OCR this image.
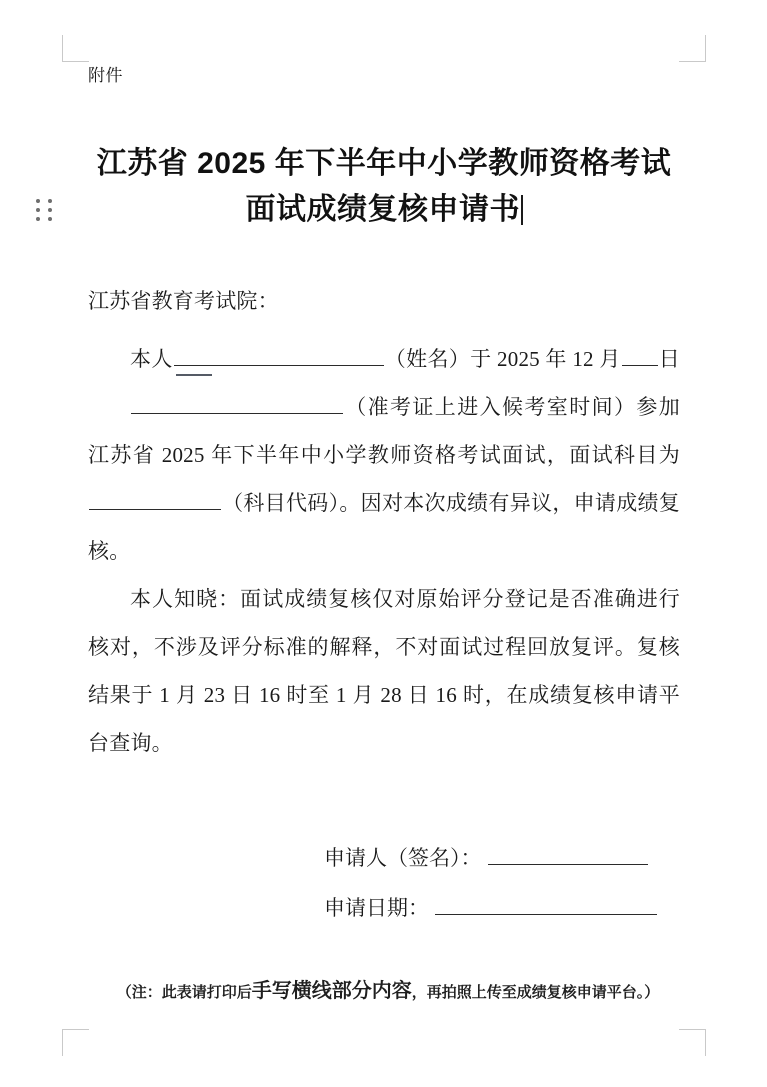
附件

江苏省 2025 年下半年中小学教师资格考试
面试成绩复核申请书

江苏省教育考试院：

本人	（姓名）于 2025 年 12 月 日
（准考证上进入候考室时间）参加江苏省 2025 年下半年中小学教师资格考试面试，面试科目为（科目代码）。因对本次成绩有异议，申请成绩复核。

本人知晓：面试成绩复核仅对原始评分登记是否准确进行核对，不涉及评分标准的解释，不对面试过程回放复评。复核结果于 1 月 23 日 16 时至 1 月 28 日 16 时，在成绩复核申请平台查询。

申请人（签名）：
申请日期：
（注：此表请打印后手写横线部分内容，再拍照上传至成绩复核申请平台。）
